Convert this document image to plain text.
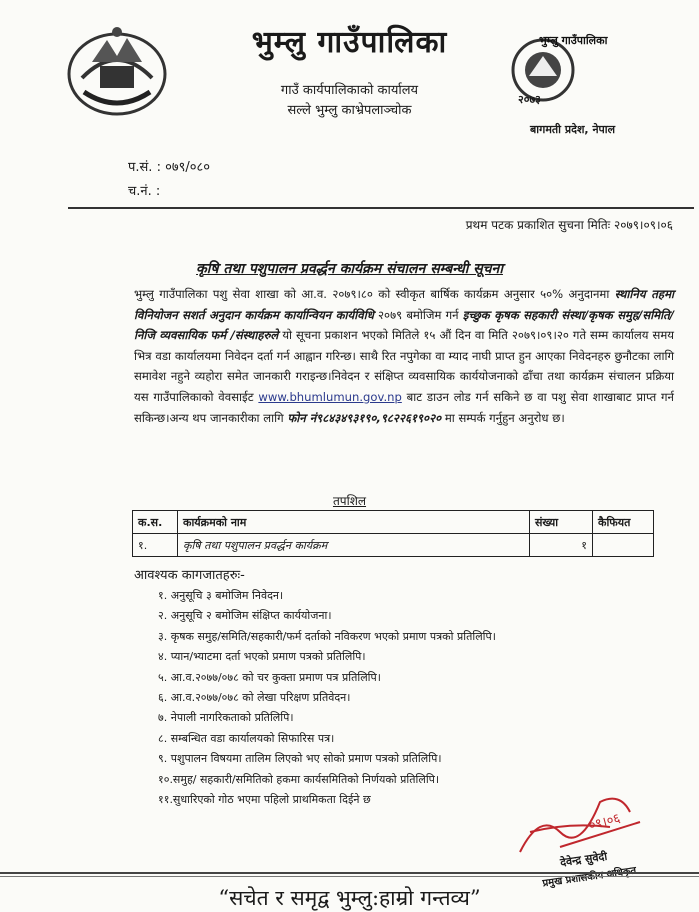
भुम्लु गाउँपालिका
गाउँ कार्यपालिकाको कार्यालय
सल्ले भुम्लु काभ्रेपलाञ्चोक
भुम्लु गाउँपालिका
२०७३
बागमती प्रदेश, नेपाल
प.सं. : ०७९/०८०
च.नं. :
प्रथम पटक प्रकाशित सुचना मितिः २०७९।०९।०६
कृषि तथा पशुपालन प्रवर्द्धन कार्यक्रम संचालन सम्बन्धी सूचना

भुम्लु गाउँपालिका पशु सेवा शाखा को आ.व. २०७९।८० को स्वीकृत बार्षिक कार्यक्रम अनुसार ५०% अनुदानमा स्थानिय तहमा विनियोजन सशर्त अनुदान कार्यक्रम कार्यान्वियन कार्यविधि २०७९ बमोजिम गर्न इच्छुक कृषक सहकारी संस्था/कृषक समुह/समिति/निजि व्यवसायिक फर्म /संस्थाहरुले यो सूचना प्रकाशन भएको मितिले १५ औं दिन वा मिति २०७९।०९।२० गते सम्म कार्यालय समय भित्र वडा कार्यालयमा निवेदन दर्ता गर्न आह्वान गरिन्छ। साथै रित नपुगेका वा म्याद नाघी प्राप्त हुन आएका निवेदनहरु छुनौटका लागि समावेश नहुने व्यहोरा समेत जानकारी गराइन्छ।निवेदन र संक्षिप्त व्यवसायिक कार्ययोजनाको ढाँचा तथा कार्यक्रम संचालन प्रक्रिया यस गाउँपालिकाको वेवसाईट www.bhumlumun.gov.np बाट डाउन लोड गर्न सकिने छ वा पशु सेवा शाखाबाट प्राप्त गर्न सकिन्छ।अन्य थप जानकारीका लागि फोन नं९८४३४९३१९०,९८२२६१९०२० मा सम्पर्क गर्नुहुन अनुरोध छ।

तपशिल
क.स.	कार्यक्रमको नाम	संख्या	कैफियत
१.	कृषि तथा पशुपालन प्रवर्द्धन कार्यक्रम	१	
आवश्यक कागजातहरुः-
१. अनुसूचि ३ बमोजिम निवेदन।
२. अनुसूचि २ बमोजिम संक्षिप्त कार्ययोजना।
३. कृषक समुह/समिति/सहकारी/फर्म दर्ताको नविकरण भएको प्रमाण पत्रको प्रतिलिपि।
४. प्यान/भ्याटमा दर्ता भएको प्रमाण पत्रको प्रतिलिपि।
५. आ.व.२०७७/०७८ को चर कुक्ता प्रमाण पत्र प्रतिलिपि।
६. आ.व.२०७७/०७८ को लेखा परिक्षण प्रतिवेदन।
७. नेपाली नागरिकताको प्रतिलिपि।
८. सम्बन्धित वडा कार्यालयको सिफारिस पत्र।
९. पशुपालन विषयमा तालिम लिएको भए सोको प्रमाण पत्रको प्रतिलिपि।
१०.समुह/ सहकारी/समितिको हकमा कार्यसमितिको निर्णयको प्रतिलिपि।
११.सुधारिएको गोठ भएमा पहिलो प्राथमिकता दिईने छ
०९।०६
देवेन्द्र सुवेदी
प्रमुख प्रशासकीय अधिकृत
“सचेत र समृद्व भुम्लु:हाम्रो गन्तव्य”
